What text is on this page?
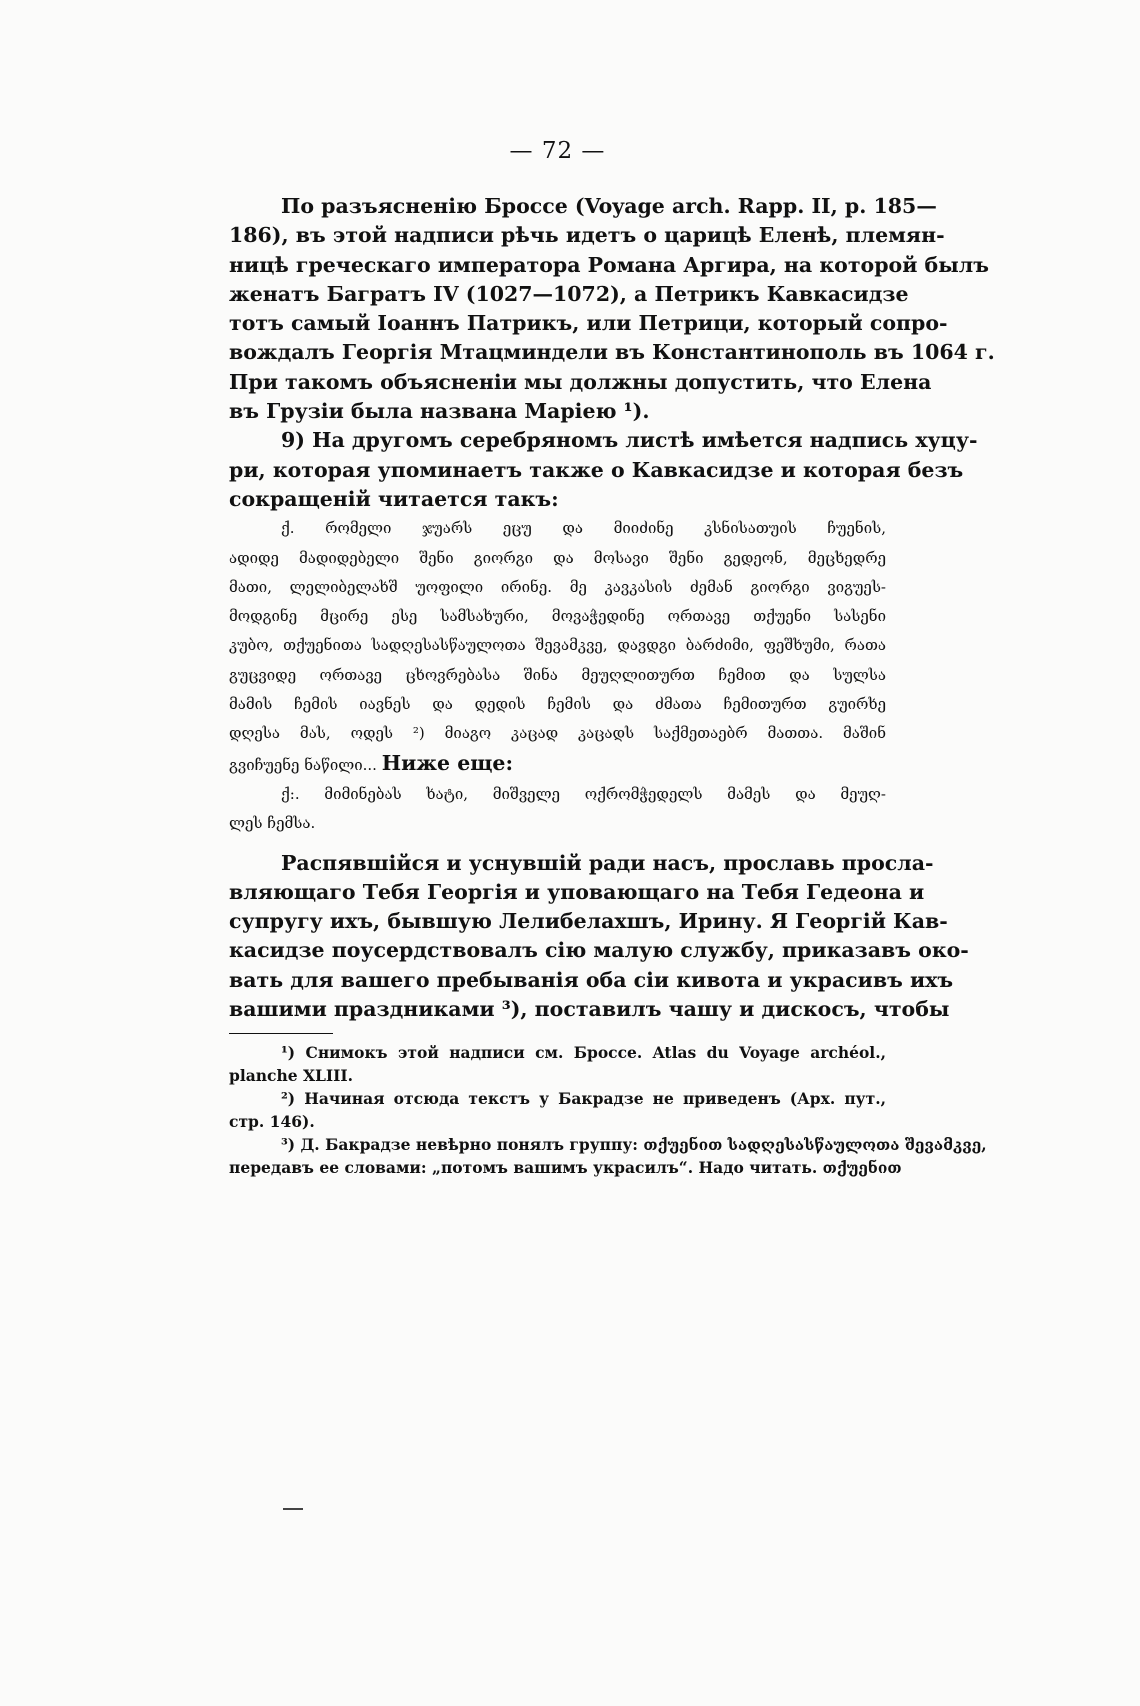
— 72 —
По разъясненію Броссе (Voyage arch. Rapp. II, p. 185—
186), въ этой надписи рѣчь идетъ о царицѣ Еленѣ, племян-
ницѣ греческаго императора Романа Аргира, на которой былъ
женатъ Багратъ IV (1027—1072), а Петрикъ Кавкасидзе
тотъ самый Іоаннъ Патрикъ, или Петрици, который сопро-
вождалъ Георгія Мтацминдели въ Константинополь въ 1064 г.
При такомъ объясненіи мы должны допустить, что Елена
въ Грузіи была названа Маріею ¹).
9) На другомъ серебряномъ листѣ имѣется надпись хуцу-
ри, которая упоминаетъ также о Кавкасидзе и которая безъ
сокращеній читается такъ:
ქ. რომელი ჯუარს ეცუ და მიიძინე კსნისათუის ჩუენის,
ადიდე მადიდებელი შენი გიორგი და მოსავი შენი გედეონ, მეცხედრე
მათი, ლელიბელახშ უოფილი ირინე. მე კავკასის ძემან გიორგი ვიგუეს-
მოდგინე მცირე ესე სამსახური, მოვაჭედინე ორთავე თქუენი სასენი
კუბო, თქუენითა სადღესასწაულოთა შევამკვე, დავდგი ბარძიმი, ფეშხუმი, რათა
გუცვიდე ორთავე ცხოვრებასა შინა მეუღლითურთ ჩემით და სულსა
მამის ჩემის იავნეს და დედის ჩემის და ძმათა ჩემითურთ გუირხე
დღესა მას, ოდეს ²) მიაგო კაცად კაცადს საქმეთაებრ მათთა. მაშინ
გვიჩუენე ნაწილი... Ниже еще:
ქ:. მიმინებას ხატი, მიშველე ოქრომჭედელს მამეს და მეუღ-
ლეს ჩემსა.
Распявшійся и уснувшій ради насъ, прославь просла-
вляющаго Тебя Георгія и уповающаго на Тебя Гедеона и
супругу ихъ, бывшую Лелибелахшъ, Ирину. Я Георгій Кав-
касидзе поусердствовалъ сію малую службу, приказавъ око-
вать для вашего пребыванія оба сіи кивота и украсивъ ихъ
вашими праздниками ³), поставилъ чашу и дискосъ, чтобы
¹) Снимокъ этой надписи см. Броссе. Atlas du Voyage archéol.,
planche XLIII.
²) Начиная отсюда текстъ у Бакрадзе не приведенъ (Арх. пут.,
стр. 146).
³) Д. Бакрадзе невѣрно понялъ группу: თქუენით სადღესასწაულოთა შევამკვე,
передавъ ее словами: „потомъ вашимъ украсилъ“. Надо читать. თქუენით
